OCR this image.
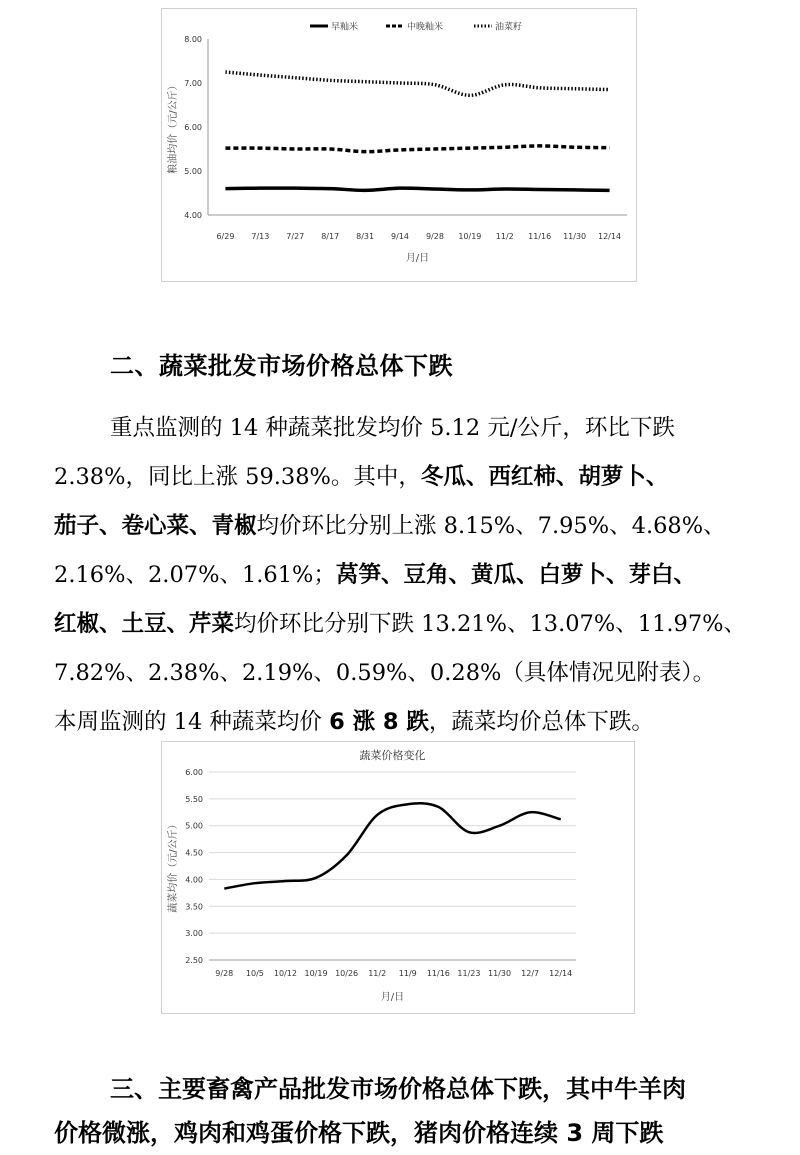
8.00
7.00
6.00
5.00
4.00
6/29 7/13 7/27 8/17 8/31 9/14 9/28 10/19 11/2 11/16 11/30 12/14
月/日
粮油均价（元/公斤）
早籼米	中晚籼米	油菜籽
二、蔬菜批发市场价格总体下跌
重点监测的 14 种蔬菜批发均价 5.12 元/公斤，环比下跌
2.38%，同比上涨 59.38%。其中，冬瓜、西红柿、胡萝卜、
茄子、卷心菜、青椒均价环比分别上涨 8.15%、7.95%、4.68%、
2.16%、2.07%、1.61%；莴笋、豆角、黄瓜、白萝卜、芽白、
红椒、土豆、芹菜均价环比分别下跌 13.21%、13.07%、11.97%、
7.82%、2.38%、2.19%、0.59%、0.28%（具体情况见附表）。
本周监测的 14 种蔬菜均价 6 涨 8 跌，蔬菜均价总体下跌。
6.00
5.50
5.00
4.50
4.00
3.50
3.00
2.50
9/28 10/5 10/12 10/19 10/26 11/2 11/9 11/16 11/23 11/30 12/7 12/14
月/日
蔬菜均价（元/公斤）
蔬菜价格变化
三、主要畜禽产品批发市场价格总体下跌，其中牛羊肉
价格微涨，鸡肉和鸡蛋价格下跌，猪肉价格连续 3 周下跌
